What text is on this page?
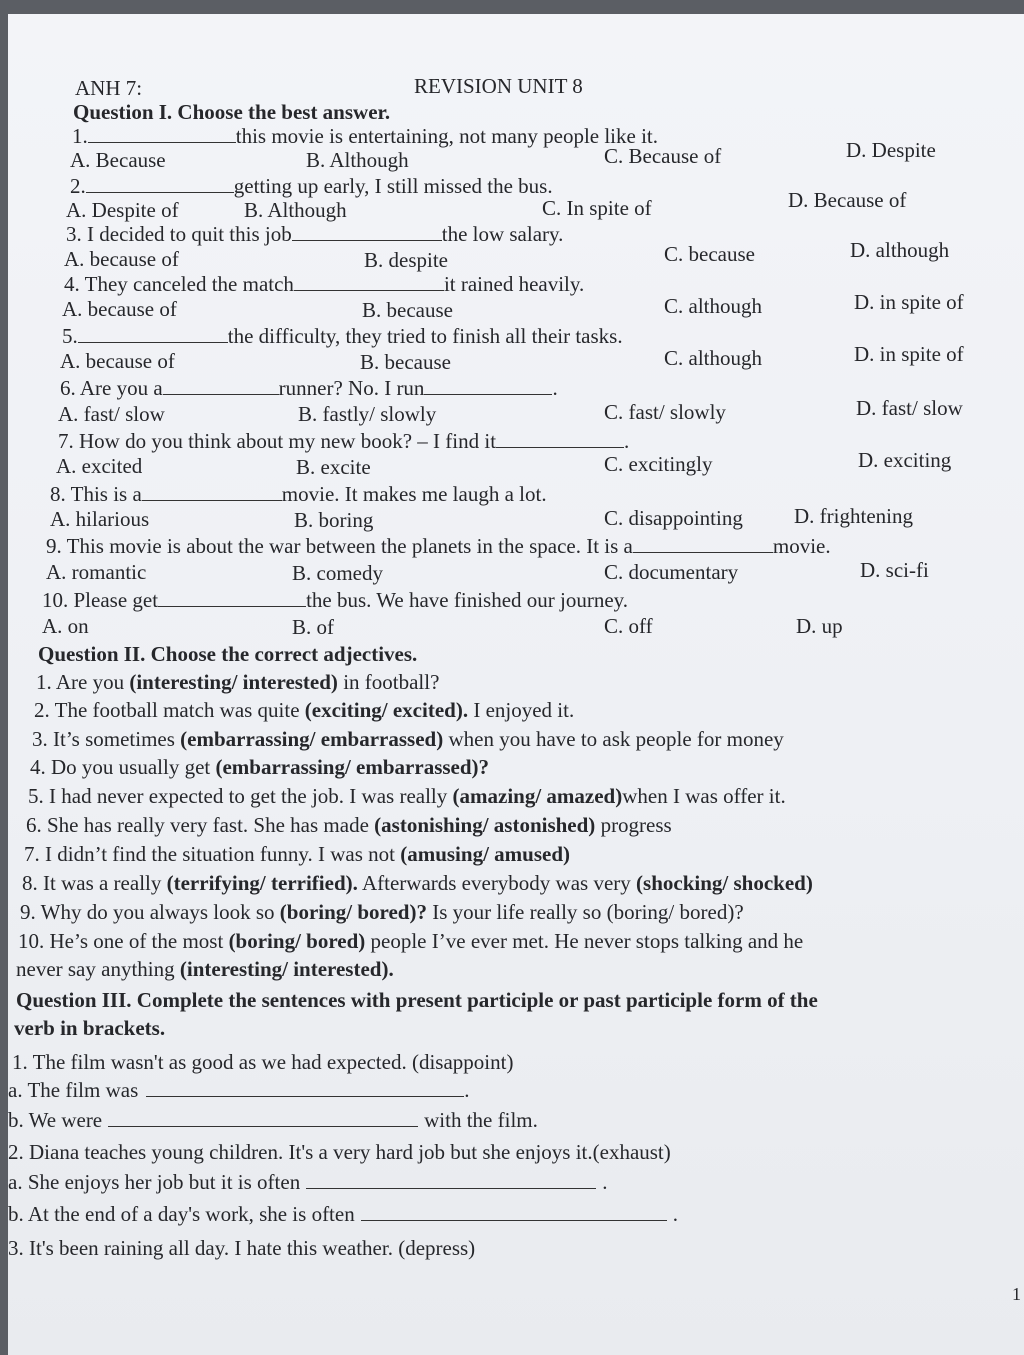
ANH 7:	REVISION UNIT 8
Question I. Choose the best answer.
1.	this movie is entertaining, not many people like it.
A. Because	B. Although	C. Because of	D. Despite
2.	getting up early, I still missed the bus.
A. Despite of	B. Although	C. In spite of	D. Because of
3. I decided to quit this job	the low salary.
A. because of	B. despite	C. because	D. although
4. They canceled the match	it rained heavily.
A. because of	B. because	C. although	D. in spite of
5.	the difficulty, they tried to finish all their tasks.
A. because of	B. because	C. although	D. in spite of
6. Are you a	runner? No. I run	.
A. fast/ slow	B. fastly/ slowly	C. fast/ slowly	D. fast/ slow
7. How do you think about my new book? – I find it	.
A. excited	B. excite	C. excitingly	D. exciting
8. This is a	movie. It makes me laugh a lot.
A. hilarious	B. boring	C. disappointing D. frightening
9. This movie is about the war between the planets in the space. It is a	movie.
A. romantic	B. comedy	C. documentary	D. sci-fi
10. Please get	the bus. We have finished our journey.
A. on	B. of	C. off	D. up
Question II. Choose the correct adjectives.
1. Are you (interesting/ interested) in football?
2. The football match was quite (exciting/ excited). I enjoyed it.
3. It’s sometimes (embarrassing/ embarrassed) when you have to ask people for money
4. Do you usually get (embarrassing/ embarrassed)?
5. I had never expected to get the job. I was really (amazing/ amazed)when I was offer it.
6. She has really very fast. She has made (astonishing/ astonished) progress
7. I didn’t find the situation funny. I was not (amusing/ amused)
8. It was a really (terrifying/ terrified). Afterwards everybody was very (shocking/ shocked)
9. Why do you always look so (boring/ bored)? Is your life really so (boring/ bored)?
10. He’s one of the most (boring/ bored) people I’ve ever met. He never stops talking and he
never say anything (interesting/ interested).
Question III. Complete the sentences with present participle or past participle form of the
verb in brackets.
1. The film wasn't as good as we had expected. (disappoint)
a. The film was	.
b. We were	with the film.
2. Diana teaches young children. It's a very hard job but she enjoys it.(exhaust)
a. She enjoys her job but it is often	.
b. At the end of a day's work, she is often	.
3. It's been raining all day. I hate this weather. (depress)
1
